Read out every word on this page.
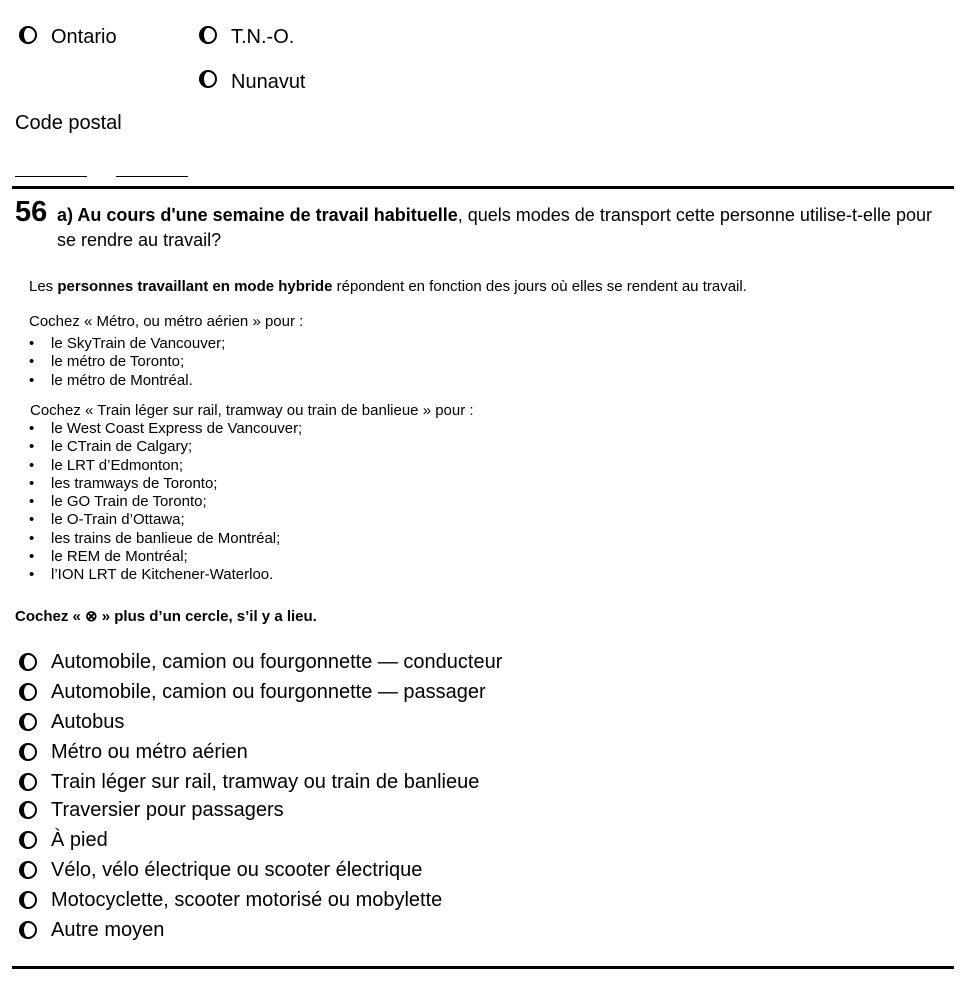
Ontario	T.N.-O.
Nunavut
Code postal
56 a) Au cours d'une semaine de travail habituelle, quels modes de transport cette personne utilise-t-elle pour se rendre au travail?
Les personnes travaillant en mode hybride répondent en fonction des jours où elles se rendent au travail.
Cochez « Métro, ou métro aérien » pour :
• le SkyTrain de Vancouver;
• le métro de Toronto;
• le métro de Montréal.
Cochez « Train léger sur rail, tramway ou train de banlieue » pour :
• le West Coast Express de Vancouver;
• le CTrain de Calgary;
• le LRT d’Edmonton;
• les tramways de Toronto;
• le GO Train de Toronto;
• le O-Train d’Ottawa;
• les trains de banlieue de Montréal;
• le REM de Montréal;
• l’ION LRT de Kitchener-Waterloo.
Cochez « ⊗ » plus d’un cercle, s’il y a lieu.
Automobile, camion ou fourgonnette — conducteur
Automobile, camion ou fourgonnette — passager
Autobus
Métro ou métro aérien
Train léger sur rail, tramway ou train de banlieue
Traversier pour passagers
À pied
Vélo, vélo électrique ou scooter électrique
Motocyclette, scooter motorisé ou mobylette
Autre moyen
